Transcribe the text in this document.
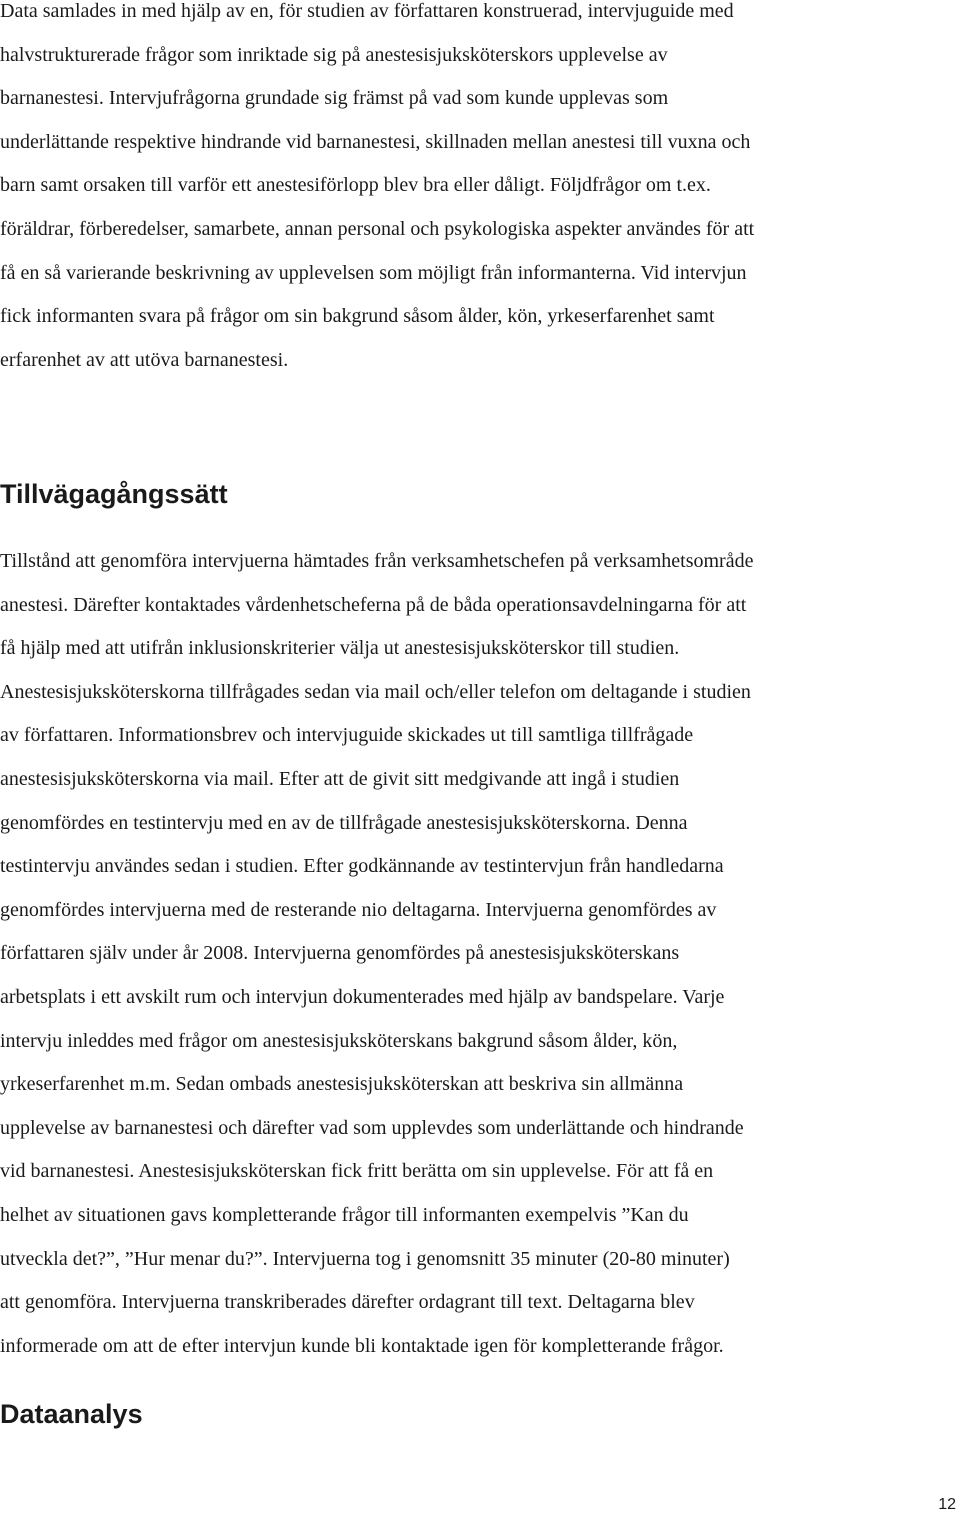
Data samlades in med hjälp av en, för studien av författaren konstruerad, intervjuguide med
halvstrukturerade frågor som inriktade sig på anestesisjuksköterskors upplevelse av
barnanestesi. Intervjufrågorna grundade sig främst på vad som kunde upplevas som
underlättande respektive hindrande vid barnanestesi, skillnaden mellan anestesi till vuxna och
barn samt orsaken till varför ett anestesiförlopp blev bra eller dåligt. Följdfrågor om t.ex.
föräldrar, förberedelser, samarbete, annan personal och psykologiska aspekter användes för att
få en så varierande beskrivning av upplevelsen som möjligt från informanterna. Vid intervjun
fick informanten svara på frågor om sin bakgrund såsom ålder, kön, yrkeserfarenhet samt
erfarenhet av att utöva barnanestesi.

Tillvägagångssätt

Tillstånd att genomföra intervjuerna hämtades från verksamhetschefen på verksamhetsområde
anestesi. Därefter kontaktades vårdenhetscheferna på de båda operationsavdelningarna för att
få hjälp med att utifrån inklusionskriterier välja ut anestesisjuksköterskor till studien.
Anestesisjuksköterskorna tillfrågades sedan via mail och/eller telefon om deltagande i studien
av författaren. Informationsbrev och intervjuguide skickades ut till samtliga tillfrågade
anestesisjuksköterskorna via mail. Efter att de givit sitt medgivande att ingå i studien
genomfördes en testintervju med en av de tillfrågade anestesisjuksköterskorna. Denna
testintervju användes sedan i studien. Efter godkännande av testintervjun från handledarna
genomfördes intervjuerna med de resterande nio deltagarna. Intervjuerna genomfördes av
författaren själv under år 2008. Intervjuerna genomfördes på anestesisjuksköterskans
arbetsplats i ett avskilt rum och intervjun dokumenterades med hjälp av bandspelare. Varje
intervju inleddes med frågor om anestesisjuksköterskans bakgrund såsom ålder, kön,
yrkeserfarenhet m.m. Sedan ombads anestesisjuksköterskan att beskriva sin allmänna
upplevelse av barnanestesi och därefter vad som upplevdes som underlättande och hindrande
vid barnanestesi. Anestesisjuksköterskan fick fritt berätta om sin upplevelse. För att få en
helhet av situationen gavs kompletterande frågor till informanten exempelvis ”Kan du
utveckla det?”, ”Hur menar du?”. Intervjuerna tog i genomsnitt 35 minuter (20-80 minuter)
att genomföra. Intervjuerna transkriberades därefter ordagrant till text. Deltagarna blev
informerade om att de efter intervjun kunde bli kontaktade igen för kompletterande frågor.

Dataanalys
12
